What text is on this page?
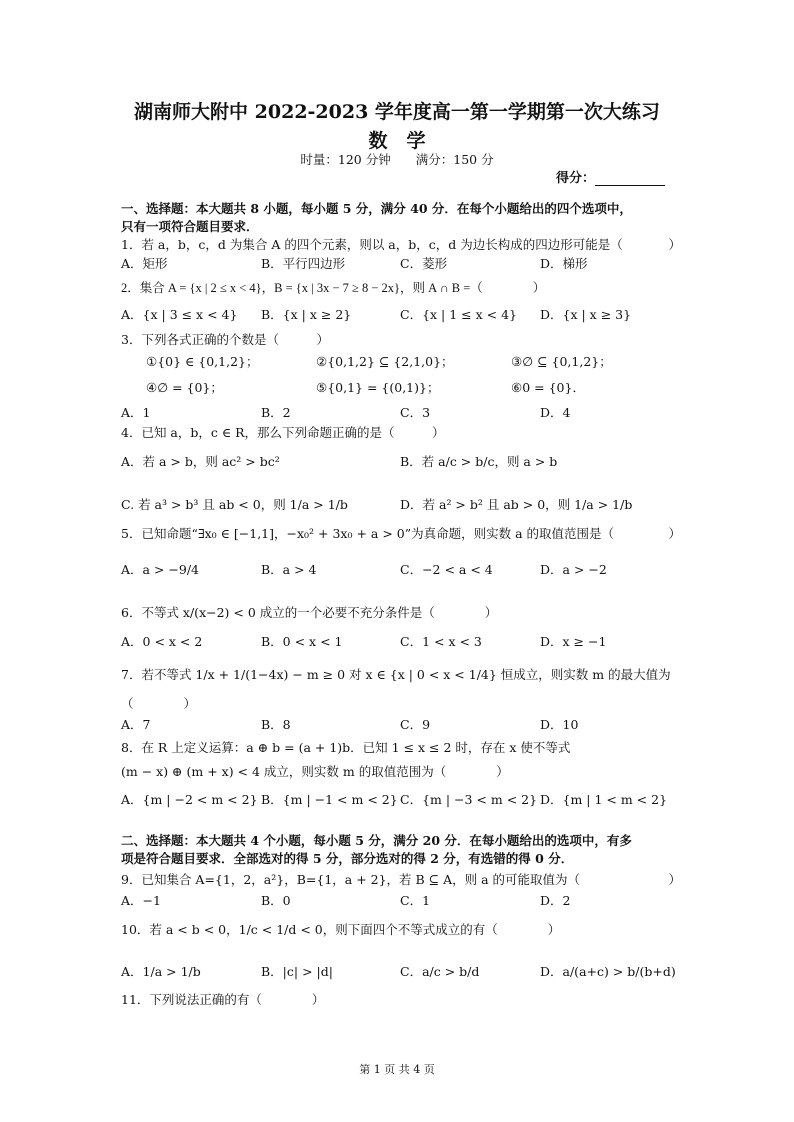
湖南师大附中 2022-2023 学年度高一第一学期第一次大练习
数　学
时量：120 分钟　　满分：150 分
得分：
一、选择题：本大题共 8 小题，每小题 5 分，满分 40 分．在每个小题给出的四个选项中，
只有一项符合题目要求．
1．若 a，b，c，d 为集合 A 的四个元素，则以 a，b，c，d 为边长构成的四边形可能是（	）
A．矩形	B．平行四边形	C．菱形	D．梯形
2．集合 A = {x | 2 ≤ x < 4}，B = {x | 3x − 7 ≥ 8 − 2x}，则 A ∩ B =（　　　　）
A．{x | 3 ≤ x < 4} B．{x | x ≥ 2}	C．{x | 1 ≤ x < 4} D．{x | x ≥ 3}
3．下列各式正确的个数是（　　　）
①{0} ∈ {0,1,2}；	②{0,1,2} ⊆ {2,1,0}；	③∅ ⊆ {0,1,2}；
④∅ = {0}；	⑤{0,1} = {(0,1)}；	⑥0 = {0}．
A．1	B．2	C．3	D．4
4．已知 a，b，c ∈ R，那么下列命题正确的是（　　　）
A．若 a > b，则 ac² > bc²	B．若 a/c > b/c，则 a > b
C. 若 a³ > b³ 且 ab < 0，则 1/a > 1/b	D．若 a² > b² 且 ab > 0，则 1/a > 1/b
5．已知命题“∃x₀ ∈ [−1,1]，−x₀² + 3x₀ + a > 0”为真命题，则实数 a 的取值范围是（	）
A．a > −9/4	B．a > 4	C．−2 < a < 4	D．a > −2
6．不等式 x/(x−2) < 0 成立的一个必要不充分条件是（　　　　）
A．0 < x < 2	B．0 < x < 1	C．1 < x < 3	D．x ≥ −1
7．若不等式 1/x + 1/(1−4x) − m ≥ 0 对 x ∈ {x | 0 < x < 1/4} 恒成立，则实数 m 的最大值为
（　　　　）
A．7	B．8	C．9	D．10
8．在 R 上定义运算：a ⊕ b = (a + 1)b．已知 1 ≤ x ≤ 2 时，存在 x 使不等式
(m − x) ⊕ (m + x) < 4 成立，则实数 m 的取值范围为（　　　　）
A．{m | −2 < m < 2} B．{m | −1 < m < 2} C．{m | −3 < m < 2} D．{m | 1 < m < 2}
二、选择题：本大题共 4 个小题，每小题 5 分，满分 20 分．在每小题给出的选项中，有多
项是符合题目要求．全部选对的得 5 分，部分选对的得 2 分，有选错的得 0 分．
9．已知集合 A={1，2，a²}，B={1，a + 2}，若 B ⊆ A，则 a 的可能取值为（	）
A．−1	B．0	C．1	D．2
10．若 a < b < 0，1/c < 1/d < 0，则下面四个不等式成立的有（　　　　）
A．1/a > 1/b	B．|c| > |d|	C．a/c > b/d	D．a/(a+c) > b/(b+d)
11．下列说法正确的有（　　　　）
第 1 页 共 4 页
